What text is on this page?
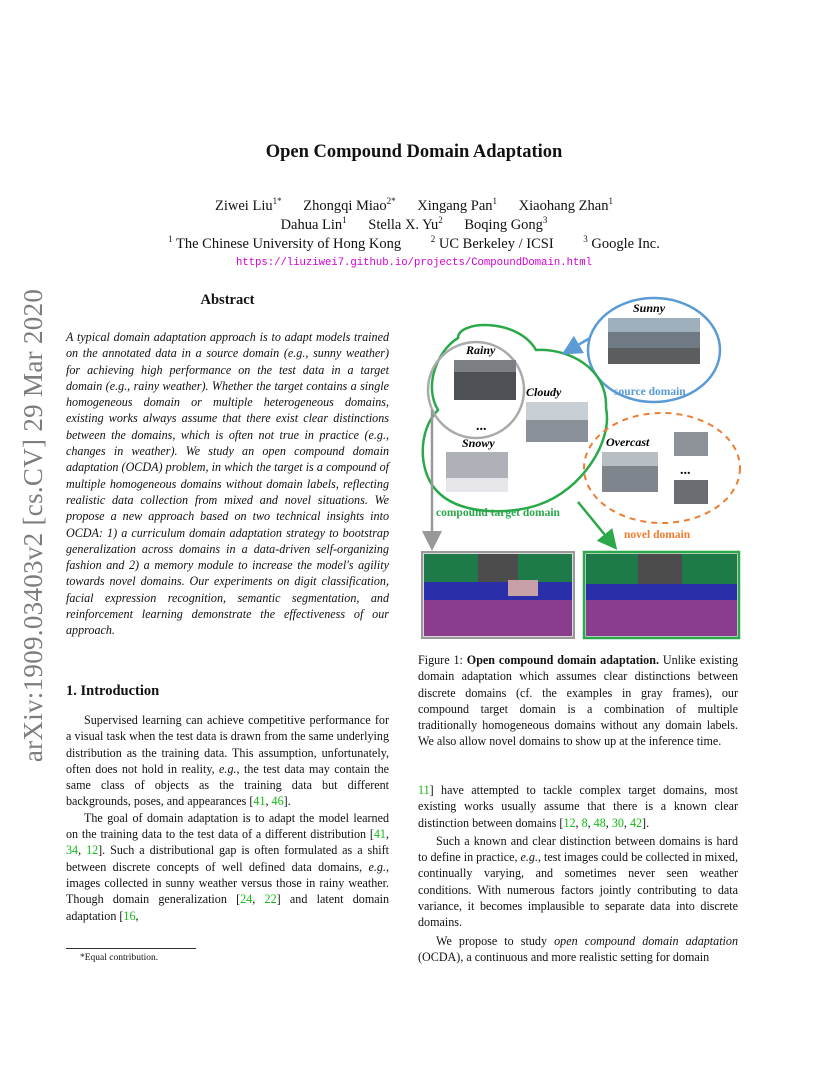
arXiv:1909.03403v2 [cs.CV] 29 Mar 2020
Open Compound Domain Adaptation
Ziwei Liu$^{1*}$ Zhongqi Miao$^{2*}$ Xingang Pan$^1$ Xiaohang Zhan$^1$
Dahua Lin$^1$ Stella X. Yu$^2$ Boqing Gong$^3$
$^1$ The Chinese University of Hong Kong	$^2$ UC Berkeley / ICSI	$^3$ Google Inc.
https://liuziwei7.github.io/projects/CompoundDomain.html
Abstract
A typical domain adaptation approach is to adapt models trained on the annotated data in a source domain (e.g., sunny weather) for achieving high performance on the test data in a target domain (e.g., rainy weather). Whether the target contains a single homogeneous domain or multiple heterogeneous domains, existing works always assume that there exist clear distinctions between the domains, which is often not true in practice (e.g., changes in weather). We study an open compound domain adaptation (OCDA) problem, in which the target is a compound of multiple homogeneous domains without domain labels, reflecting realistic data collection from mixed and novel situations. We propose a new approach based on two technical insights into OCDA: 1) a curriculum domain adaptation strategy to bootstrap generalization across domains in a data-driven self-organizing fashion and 2) a memory module to increase the model's agility towards novel domains. Our experiments on digit classification, facial expression recognition, semantic segmentation, and reinforcement learning demonstrate the effectiveness of our approach.
1. Introduction

Supervised learning can achieve competitive performance for a visual task when the test data is drawn from the same underlying distribution as the training data. This assumption, unfortunately, often does not hold in reality, e.g., the test data may contain the same class of objects as the training data but different backgrounds, poses, and appearances [41, 46].

The goal of domain adaptation is to adapt the model learned on the training data to the test data of a different distribution [41, 34, 12]. Such a distributional gap is often formulated as a shift between discrete concepts of well defined data domains, e.g., images collected in sunny weather versus those in rainy weather. Though domain generalization [24, 22] and latent domain adaptation [16,

*Equal contribution.
Sunny
source domain
Rainy
Cloudy
...
Snowy
compound target domain
Overcast
...
novel domain
Figure 1: Open compound domain adaptation. Unlike existing domain adaptation which assumes clear distinctions between discrete domains (cf. the examples in gray frames), our compound target domain is a combination of multiple traditionally homogeneous domains without any domain labels. We also allow novel domains to show up at the inference time.

11] have attempted to tackle complex target domains, most existing works usually assume that there is a known clear distinction between domains [12, 8, 48, 30, 42].

Such a known and clear distinction between domains is hard to define in practice, e.g., test images could be collected in mixed, continually varying, and sometimes never seen weather conditions. With numerous factors jointly contributing to data variance, it becomes implausible to separate data into discrete domains.

We propose to study open compound domain adaptation (OCDA), a continuous and more realistic setting for domain
